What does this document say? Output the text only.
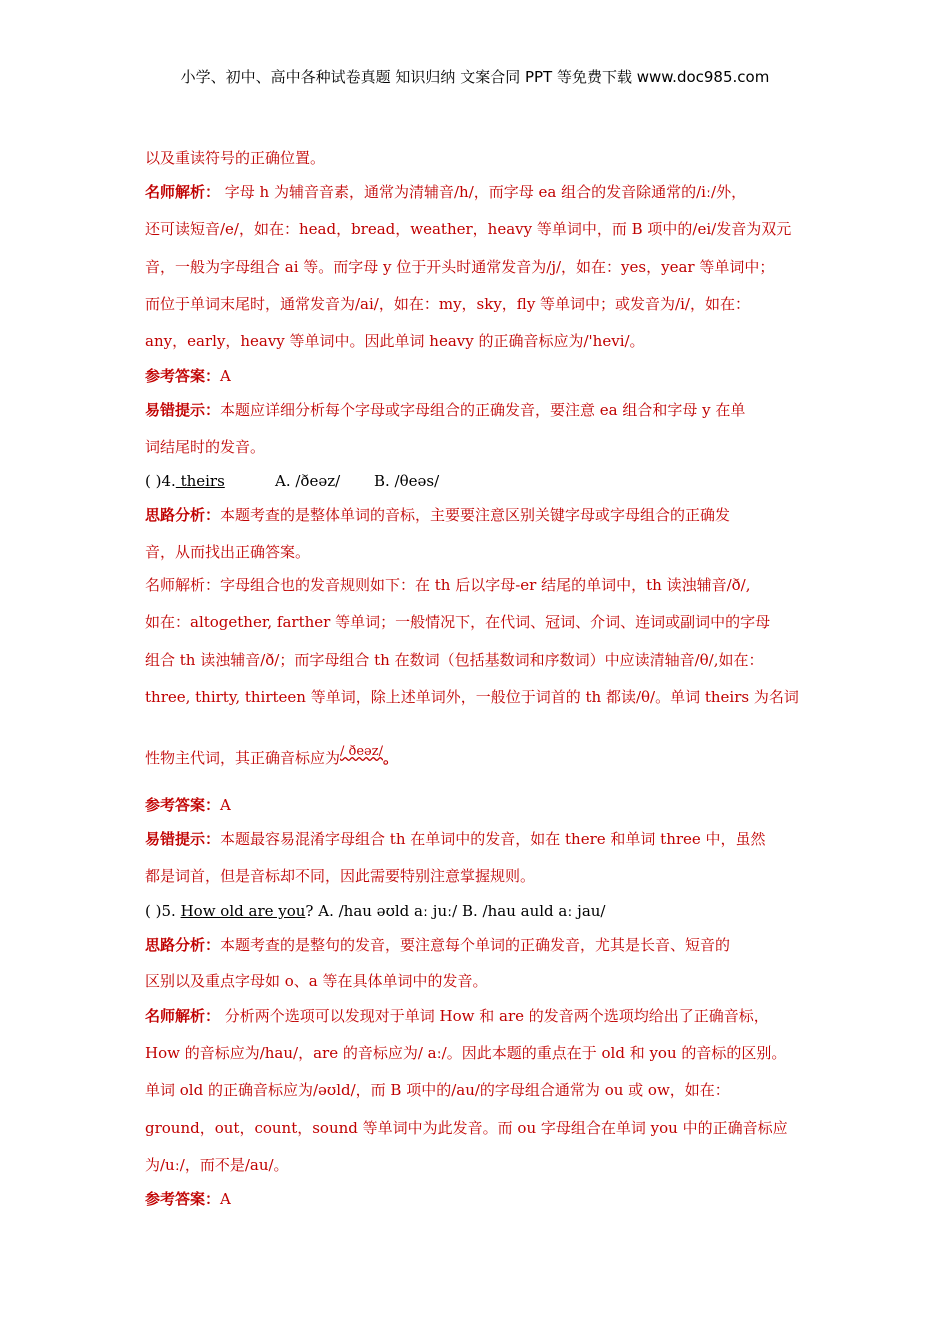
小学、初中、高中各种试卷真题 知识归纳 文案合同 PPT 等免费下载 www.doc985.com
以及重读符号的正确位置。
名师解析： 字母 h 为辅音音素，通常为清辅音/h/，而字母 ea 组合的发音除通常的/iː/外，
还可读短音/e/，如在：head，bread，weather，heavy 等单词中，而 B 项中的/ei/发音为双元
音，一般为字母组合 ai 等。而字母 y 位于开头时通常发音为/j/，如在：yes，year 等单词中；
而位于单词末尾时，通常发音为/ai/，如在：my，sky，fly 等单词中；或发音为/i/，如在：
any，early，heavy 等单词中。因此单词 heavy 的正确音标应为/'hevi/。
参考答案：A
易错提示：本题应详细分析每个字母或字母组合的正确发音，要注意 ea 组合和字母 y 在单
词结尾时的发音。
( )4. theirs	A. /ðeəz/ B. /θeəs/
思路分析：本题考查的是整体单词的音标，主要要注意区别关键字母或字母组合的正确发
音，从而找出正确答案。
名师解析：字母组合也的发音规则如下：在 th 后以字母-er 结尾的单词中，th 读浊辅音/ð/,
如在：altogether, farther 等单词；一般情况下，在代词、冠词、介词、连词或副词中的字母
组合 th 读浊辅音/ð/；而字母组合 th 在数词（包括基数词和序数词）中应读清轴音/θ/,如在：
three, thirty, thirteen 等单词，除上述单词外，一般位于词首的 th 都读/θ/。单词 theirs 为名词
性物主代词，其正确音标应为/ ðeəz/。
参考答案：A
易错提示：本题最容易混淆字母组合 th 在单词中的发音，如在 there 和单词 three 中，虽然
都是词首，但是音标却不同，因此需要特别注意掌握规则。
( )5. How old are you? A. /hau əʊld aː juː/ B. /hau auld aː jau/
思路分析：本题考查的是整句的发音，要注意每个单词的正确发音，尤其是长音、短音的
区别以及重点字母如 o、a 等在具体单词中的发音。
名师解析： 分析两个选项可以发现对于单词 How 和 are 的发音两个选项均给出了正确音标，
How 的音标应为/hau/，are 的音标应为/ aː/。因此本题的重点在于 old 和 you 的音标的区别。
单词 old 的正确音标应为/əʊld/，而 B 项中的/au/的字母组合通常为 ou 或 ow，如在：
ground，out，count，sound 等单词中为此发音。而 ou 字母组合在单词 you 中的正确音标应
为/uː/，而不是/au/。
参考答案：A
